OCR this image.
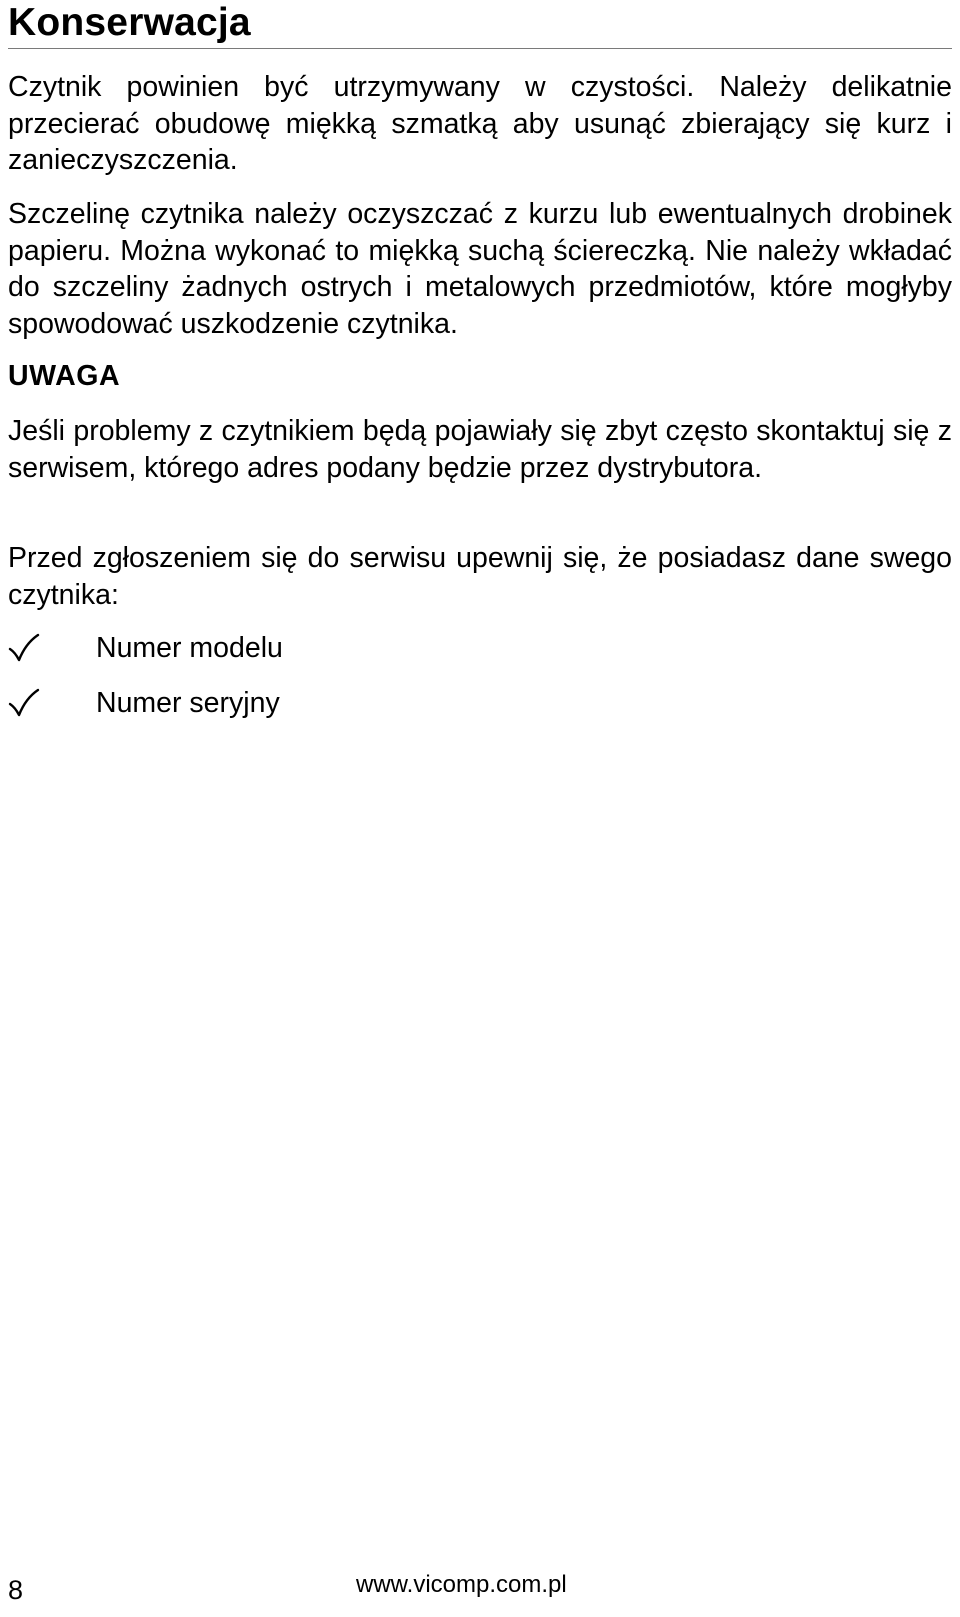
Konserwacja

Czytnik powinien być utrzymywany w czystości. Należy delikatnie przecierać obudowę miękką szmatką aby usunąć zbierający się kurz i zanieczyszczenia.

Szczelinę czytnika należy oczyszczać z kurzu lub ewentualnych drobinek papieru. Można wykonać to miękką suchą ściereczką. Nie należy wkładać do szczeliny żadnych ostrych i metalowych przedmiotów, które mogłyby spowodować uszkodzenie czytnika.

UWAGA

Jeśli problemy z czytnikiem będą pojawiały się zbyt często skontaktuj się z serwisem, którego adres podany będzie przez dystrybutora.

Przed zgłoszeniem się do serwisu upewnij się, że posiadasz dane swego czytnika:

Numer modelu
Numer seryjny

8	www.vicomp.com.pl
